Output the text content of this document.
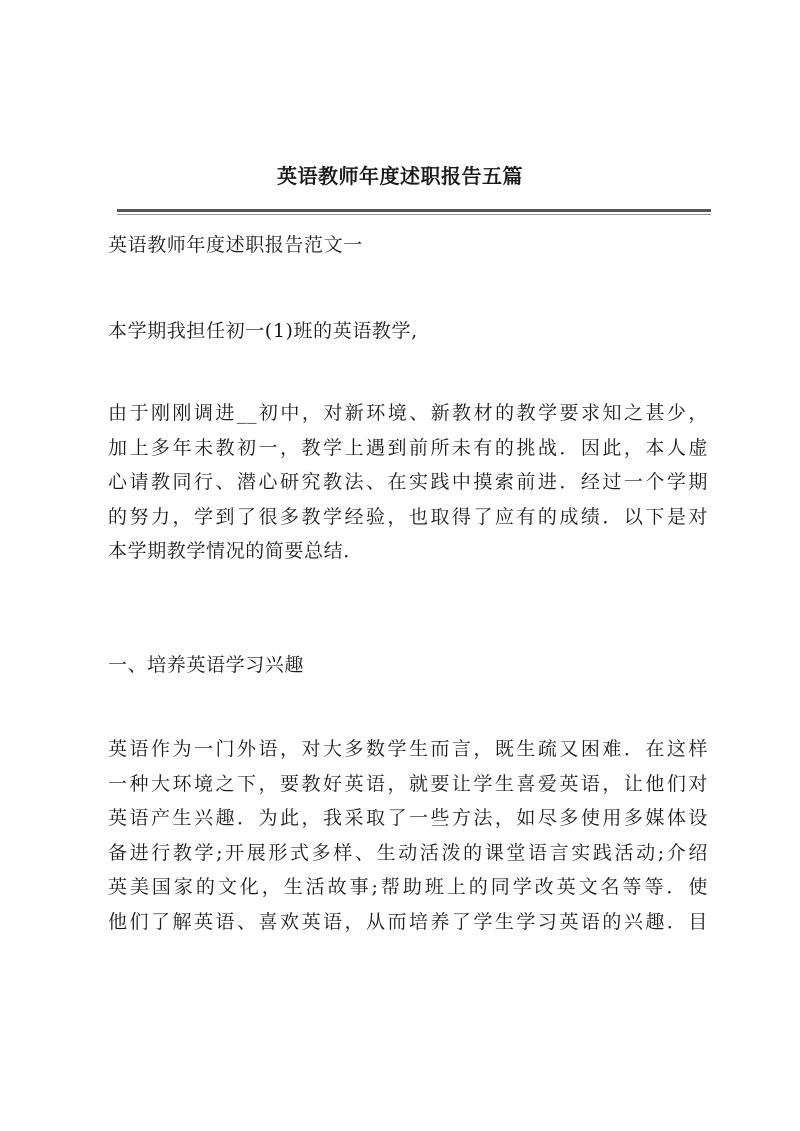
英语教师年度述职报告五篇
英语教师年度述职报告范文一
本学期我担任初一(1)班的英语教学,
由于刚刚调进__初中，对新环境、新教材的教学要求知之甚少，
加上多年未教初一，教学上遇到前所未有的挑战．因此，本人虚
心请教同行、潜心研究教法、在实践中摸索前进．经过一个学期
的努力，学到了很多教学经验，也取得了应有的成绩．以下是对
本学期教学情况的简要总结．
一、培养英语学习兴趣
英语作为一门外语，对大多数学生而言，既生疏又困难．在这样
一种大环境之下，要教好英语，就要让学生喜爱英语，让他们对
英语产生兴趣．为此，我采取了一些方法，如尽多使用多媒体设
备进行教学;开展形式多样、生动活泼的课堂语言实践活动;介绍
英美国家的文化，生活故事;帮助班上的同学改英文名等等．使
他们了解英语、喜欢英语，从而培养了学生学习英语的兴趣．目
